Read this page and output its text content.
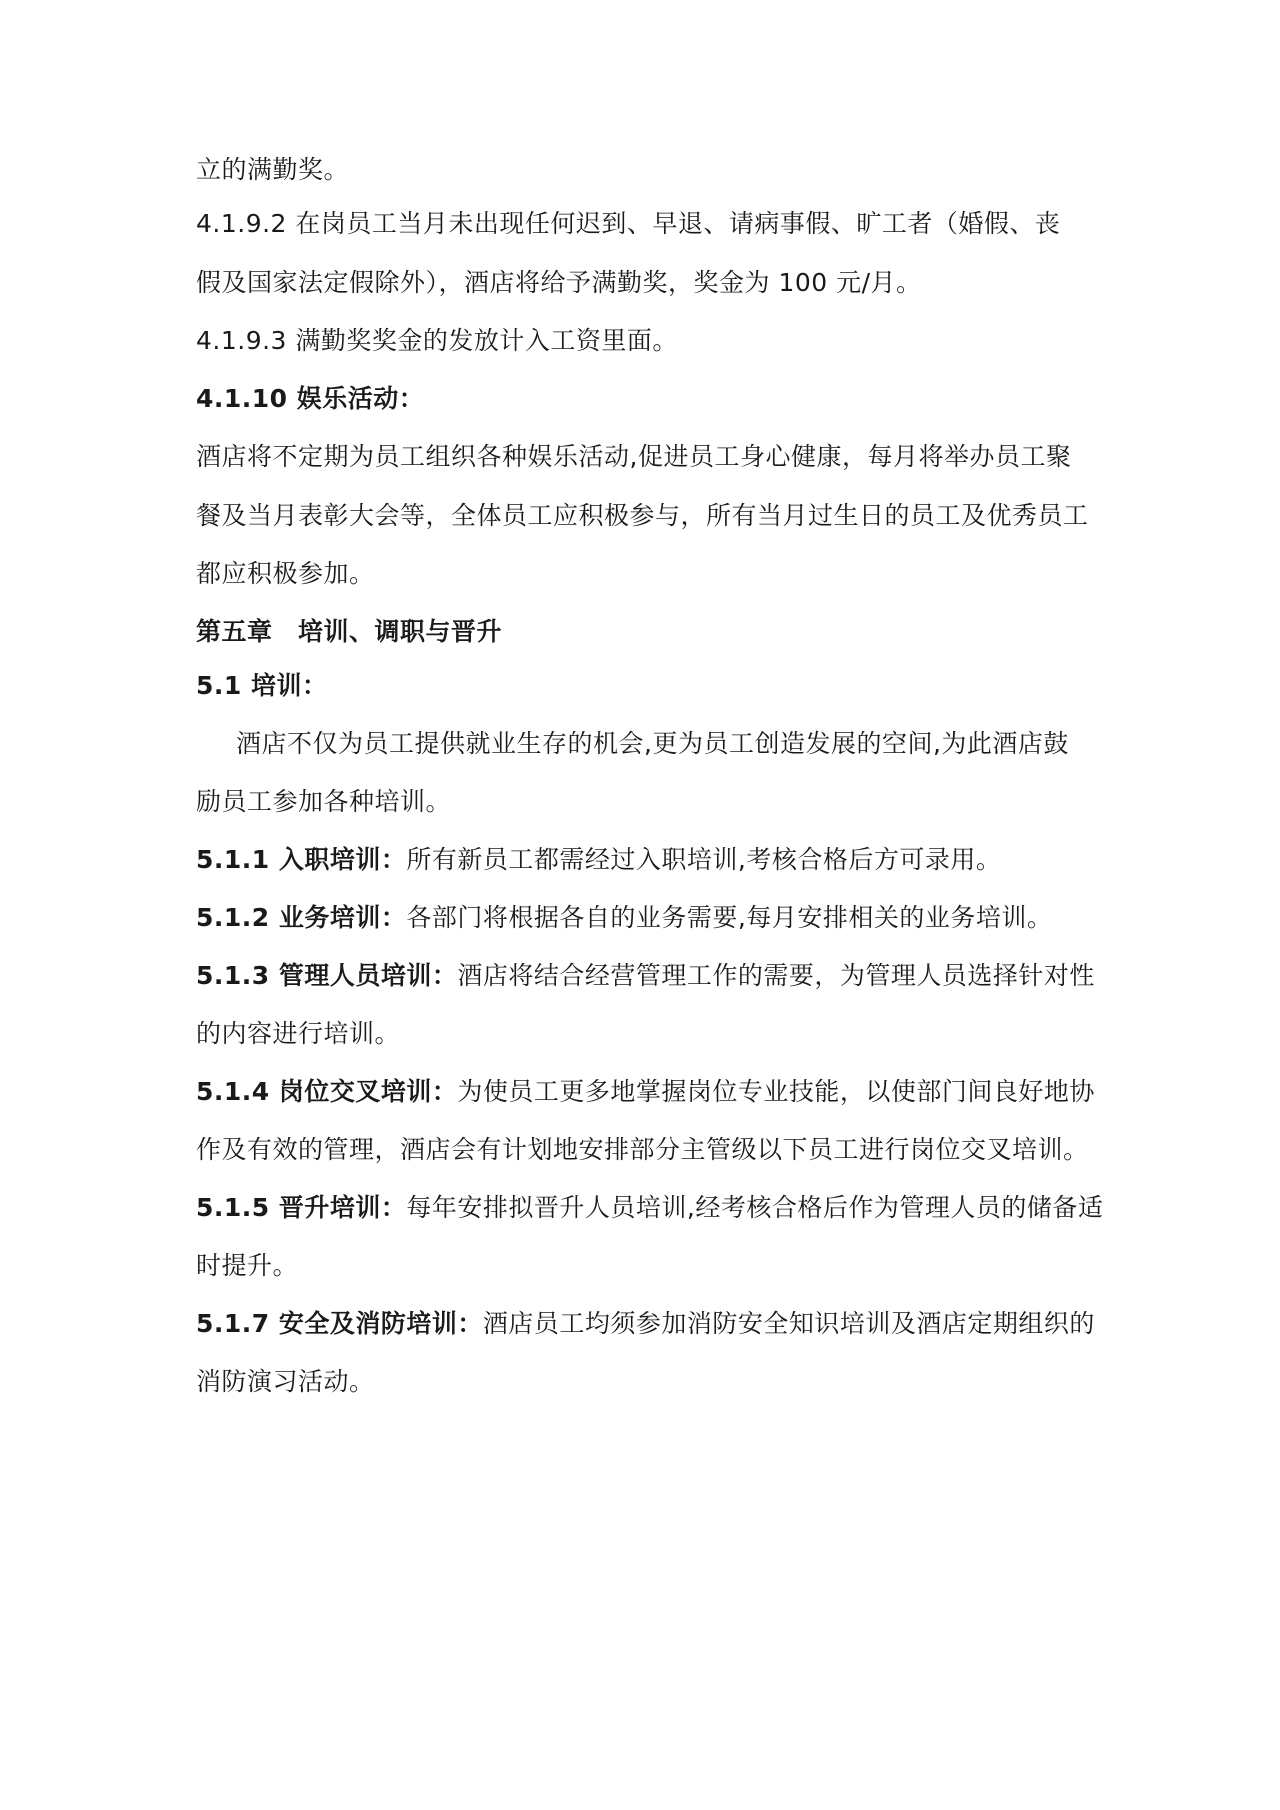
立的满勤奖。
4.1.9.2 在岗员工当月未出现任何迟到、早退、请病事假、旷工者（婚假、丧
假及国家法定假除外），酒店将给予满勤奖，奖金为 100 元/月。
4.1.9.3 满勤奖奖金的发放计入工资里面。
4.1.10 娱乐活动：
酒店将不定期为员工组织各种娱乐活动,促进员工身心健康，每月将举办员工聚
餐及当月表彰大会等，全体员工应积极参与，所有当月过生日的员工及优秀员工
都应积极参加。
第五章　培训、调职与晋升
5.1 培训：
酒店不仅为员工提供就业生存的机会,更为员工创造发展的空间,为此酒店鼓
励员工参加各种培训。
5.1.1 入职培训：所有新员工都需经过入职培训,考核合格后方可录用。
5.1.2 业务培训：各部门将根据各自的业务需要,每月安排相关的业务培训。
5.1.3 管理人员培训：酒店将结合经营管理工作的需要，为管理人员选择针对性
的内容进行培训。
5.1.4 岗位交叉培训：为使员工更多地掌握岗位专业技能，以使部门间良好地协
作及有效的管理，酒店会有计划地安排部分主管级以下员工进行岗位交叉培训。
5.1.5 晋升培训：每年安排拟晋升人员培训,经考核合格后作为管理人员的储备适
时提升。
5.1.7 安全及消防培训：酒店员工均须参加消防安全知识培训及酒店定期组织的
消防演习活动。
